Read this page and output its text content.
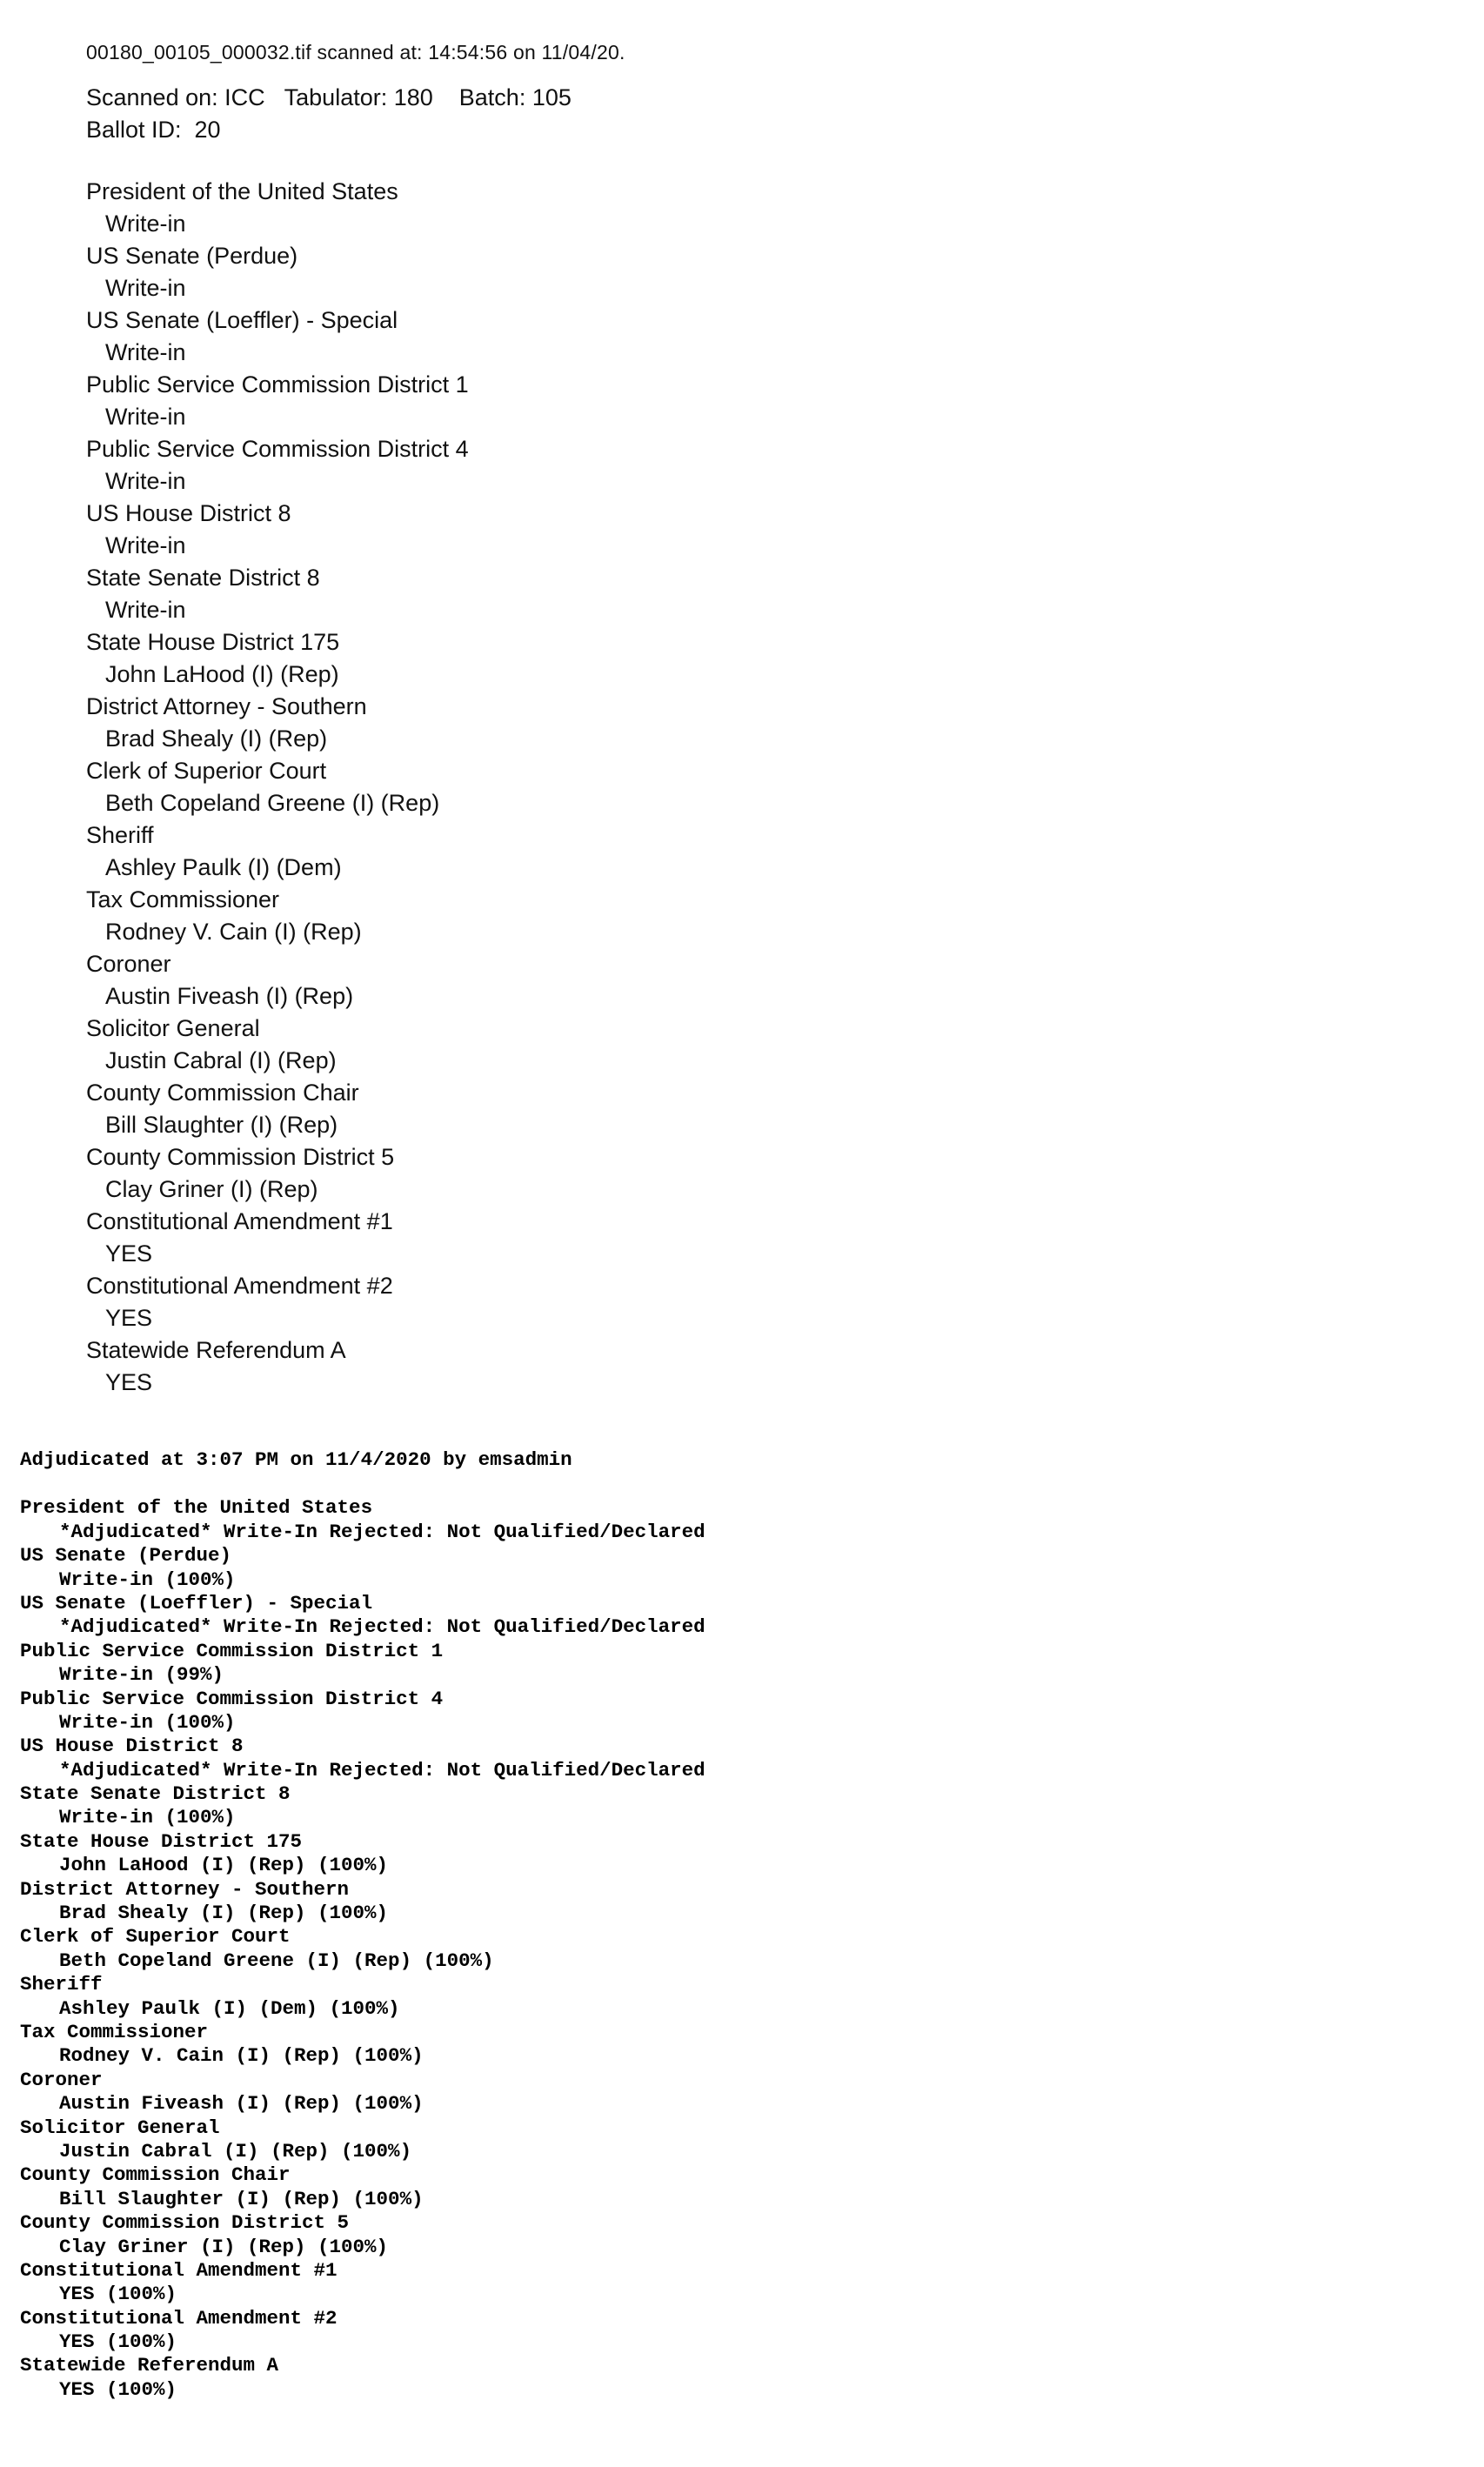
00180_00105_000032.tif scanned at: 14:54:56 on 11/04/20.
Scanned on: ICC   Tabulator: 180    Batch: 105
Ballot ID:  20
President of the United States
Write-in
US Senate (Perdue)
Write-in
US Senate (Loeffler) - Special
Write-in
Public Service Commission District 1
Write-in
Public Service Commission District 4
Write-in
US House District 8
Write-in
State Senate District 8
Write-in
State House District 175
John LaHood (I) (Rep)
District Attorney - Southern
Brad Shealy (I) (Rep)
Clerk of Superior Court
Beth Copeland Greene (I) (Rep)
Sheriff
Ashley Paulk (I) (Dem)
Tax Commissioner
Rodney V. Cain (I) (Rep)
Coroner
Austin Fiveash (I) (Rep)
Solicitor General
Justin Cabral (I) (Rep)
County Commission Chair
Bill Slaughter (I) (Rep)
County Commission District 5
Clay Griner (I) (Rep)
Constitutional Amendment #1
YES
Constitutional Amendment #2
YES
Statewide Referendum A
YES
Adjudicated at 3:07 PM on 11/4/2020 by emsadmin
President of the United States
*Adjudicated* Write-In Rejected: Not Qualified/Declared
US Senate (Perdue)
Write-in (100%)
US Senate (Loeffler) - Special
*Adjudicated* Write-In Rejected: Not Qualified/Declared
Public Service Commission District 1
Write-in (99%)
Public Service Commission District 4
Write-in (100%)
US House District 8
*Adjudicated* Write-In Rejected: Not Qualified/Declared
State Senate District 8
Write-in (100%)
State House District 175
John LaHood (I) (Rep) (100%)
District Attorney - Southern
Brad Shealy (I) (Rep) (100%)
Clerk of Superior Court
Beth Copeland Greene (I) (Rep) (100%)
Sheriff
Ashley Paulk (I) (Dem) (100%)
Tax Commissioner
Rodney V. Cain (I) (Rep) (100%)
Coroner
Austin Fiveash (I) (Rep) (100%)
Solicitor General
Justin Cabral (I) (Rep) (100%)
County Commission Chair
Bill Slaughter (I) (Rep) (100%)
County Commission District 5
Clay Griner (I) (Rep) (100%)
Constitutional Amendment #1
YES (100%)
Constitutional Amendment #2
YES (100%)
Statewide Referendum A
YES (100%)
